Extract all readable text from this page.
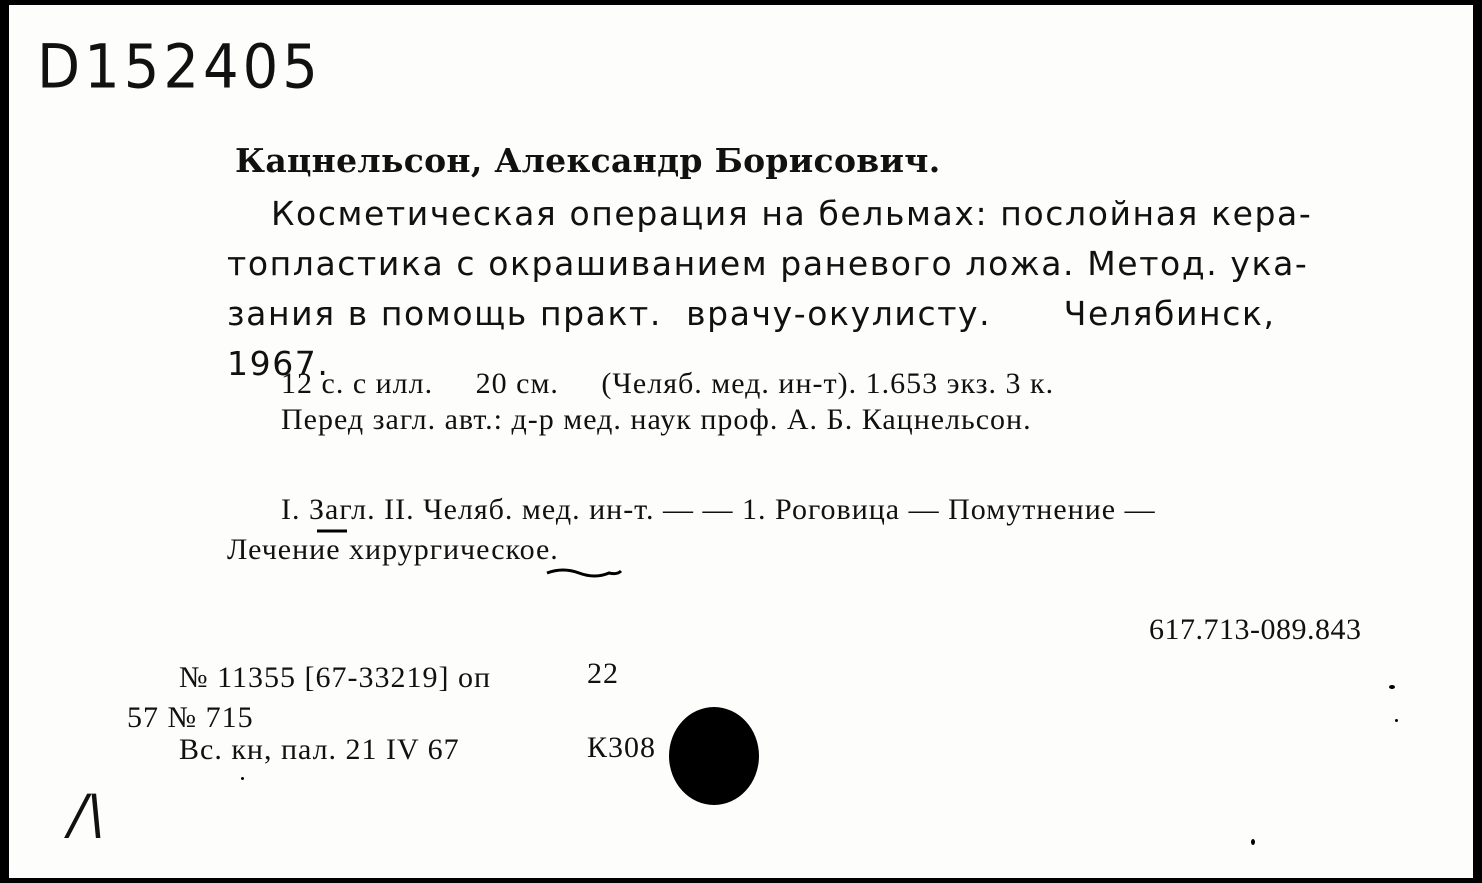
D152405
Кацнельсон, Александр Борисович.
Косметическая операция на бельмах: послойная кера-
топластика с окрашиванием раневого ложа. Метод. ука-
зания в помощь практ.  врачу-окулисту.      Челябинск,
1967.
12 с. с илл.     20 см.     (Челяб. мед. ин-т). 1.653 экз. 3 к.
Перед загл. авт.: д-р мед. наук проф. А. Б. Кацнельсон.
I. Загл. II. Челяб. мед. ин-т. — — 1. Роговица — Помутнение —
Лечение хирургическое.
617.713-089.843
№ 11355 [67-33219] оп	22
57 № 715
Вс. кн, пал. 21 IV 67	К308
/\
